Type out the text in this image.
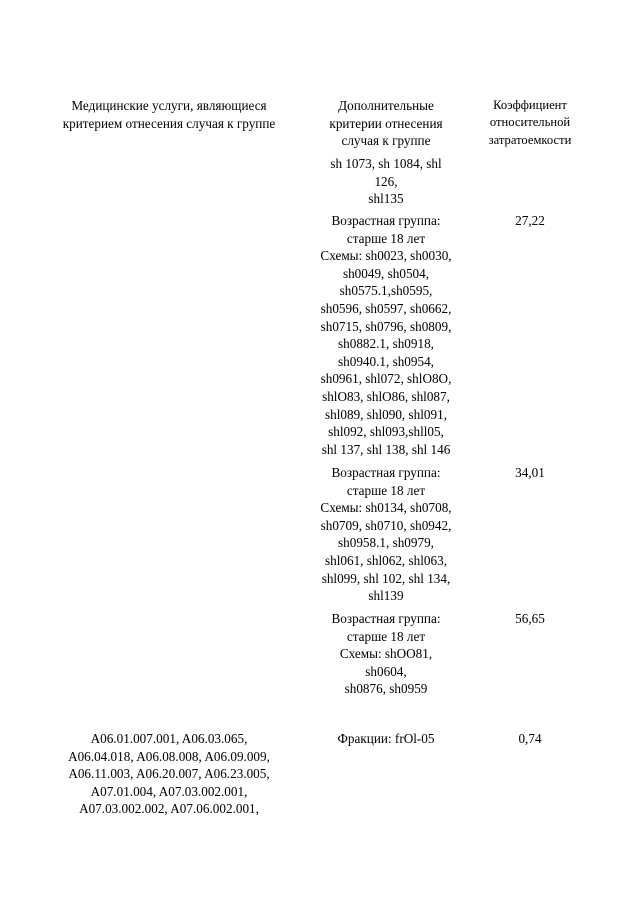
Медицинские услуги, являющиеся
критерием отнесения случая к группе
Дополнительные
критерии отнесения
случая к группе
Коэффициент
относительной
затратоемкости
sh 1073, sh 1084, shl
126,
shl135
Возрастная группа:
старше 18 лет
Схемы: sh0023, sh0030,
sh0049, sh0504,
sh0575.1,sh0595,
sh0596, sh0597, sh0662,
sh0715, sh0796, sh0809,
sh0882.1, sh0918,
sh0940.1, sh0954,
sh0961, shl072, shlO8O,
shlO83, shlO86, shl087,
shl089, shl090, shl091,
shl092, shl093,shll05,
shl 137, shl 138, shl 146
27,22
Возрастная группа:
старше 18 лет
Схемы: sh0134, sh0708,
sh0709, sh0710, sh0942,
sh0958.1, sh0979,
shl061, shl062, shl063,
shl099, shl 102, shl 134,
shl139
34,01
Возрастная группа:
старше 18 лет
Схемы: shOO81,
sh0604,
sh0876, sh0959
56,65
A06.01.007.001, A06.03.065,
A06.04.018, A06.08.008, A06.09.009,
A06.11.003, A06.20.007, A06.23.005,
A07.01.004, A07.03.002.001,
A07.03.002.002, A07.06.002.001,
Фракции: frOl-05	0,74
